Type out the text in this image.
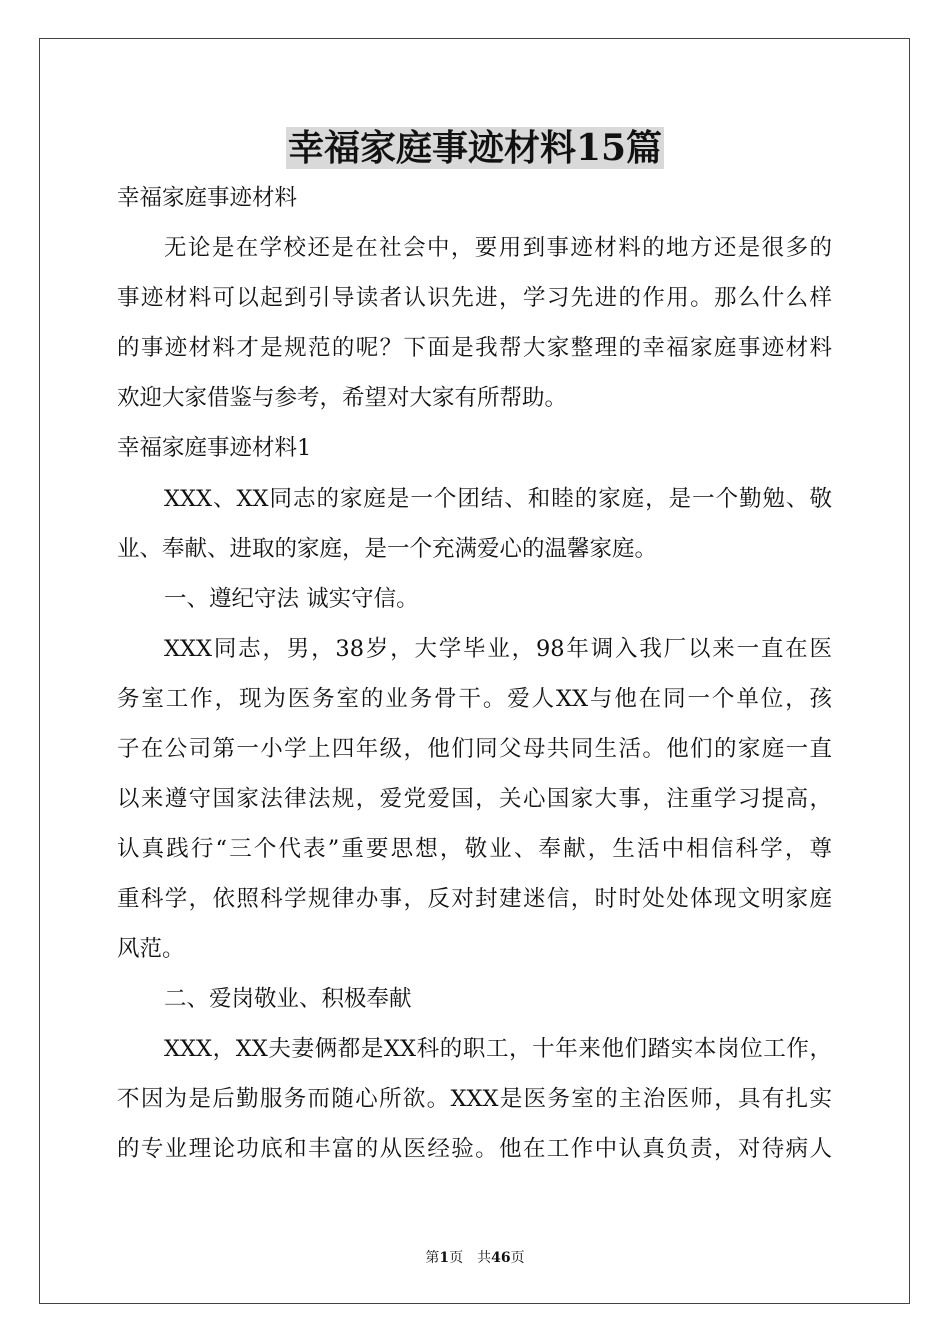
幸福家庭事迹材料15篇

幸福家庭事迹材料

无论是在学校还是在社会中，要用到事迹材料的地方还是很多的

事迹材料可以起到引导读者认识先进，学习先进的作用。那么什么样

的事迹材料才是规范的呢？下面是我帮大家整理的幸福家庭事迹材料

欢迎大家借鉴与参考，希望对大家有所帮助。

幸福家庭事迹材料1

XXX、XX同志的家庭是一个团结、和睦的家庭，是一个勤勉、敬

业、奉献、进取的家庭，是一个充满爱心的温馨家庭。

一、遵纪守法 诚实守信。

XXX同志，男，38岁，大学毕业，98年调入我厂以来一直在医

务室工作，现为医务室的业务骨干。爱人XX与他在同一个单位，孩

子在公司第一小学上四年级，他们同父母共同生活。他们的家庭一直

以来遵守国家法律法规，爱党爱国，关心国家大事，注重学习提高，

认真践行“三个代表”重要思想，敬业、奉献，生活中相信科学，尊

重科学，依照科学规律办事，反对封建迷信，时时处处体现文明家庭

风范。

二、爱岗敬业、积极奉献

XXX，XX夫妻俩都是XX科的职工，十年来他们踏实本岗位工作，

不因为是后勤服务而随心所欲。XXX是医务室的主治医师，具有扎实

的专业理论功底和丰富的从医经验。他在工作中认真负责，对待病人

第1页　共46页
